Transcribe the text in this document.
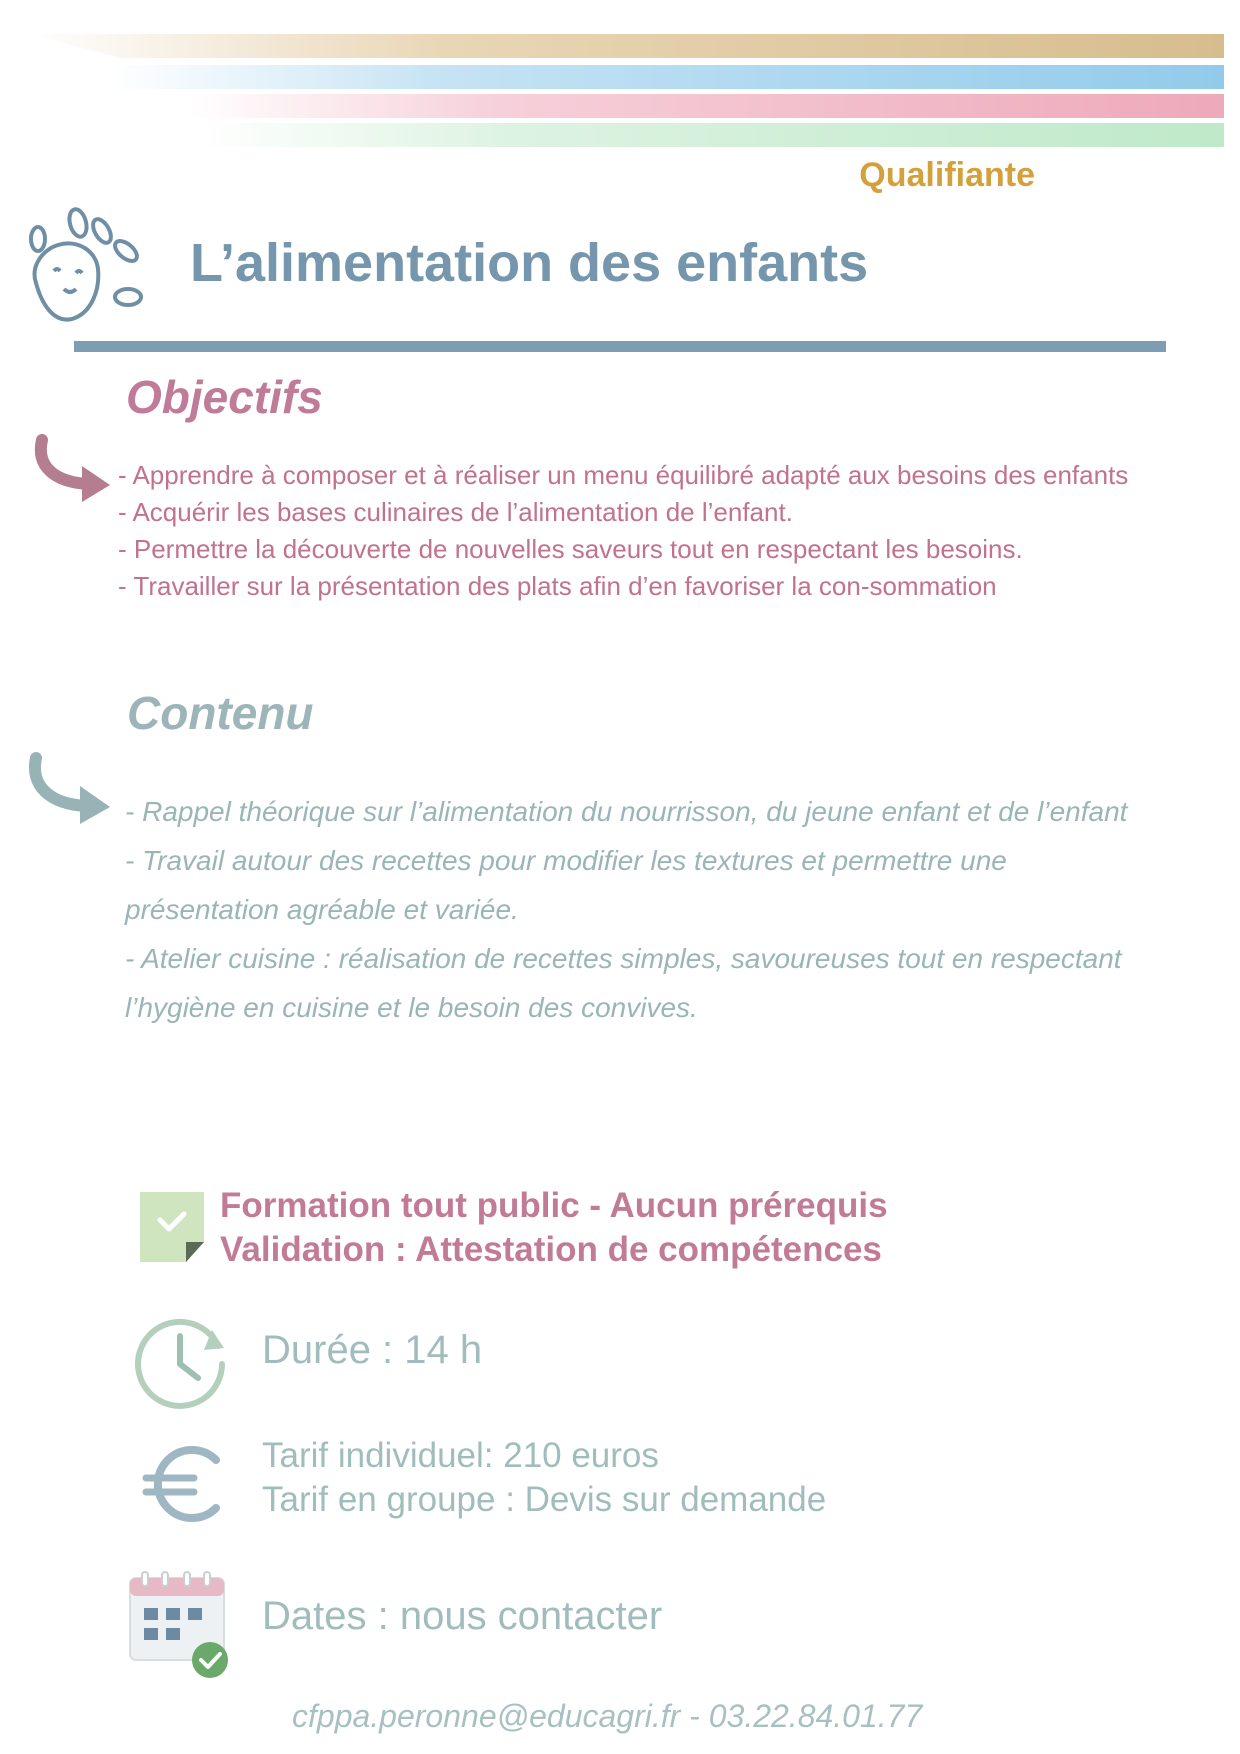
Qualifiante
L’alimentation des enfants
Objectifs

- Apprendre à composer et à réaliser un menu équilibré adapté aux besoins des enfants

- Acquérir les bases culinaires de l’alimentation de l’enfant.

- Permettre la découverte de nouvelles saveurs tout en respectant les besoins.

- Travailler sur la présentation des plats afin d’en favoriser la con-sommation

Contenu

- Rappel théorique sur l’alimentation du nourrisson, du jeune enfant et de l’enfant

- Travail autour des recettes pour modifier les textures et permettre une présentation agréable et variée.

- Atelier cuisine : réalisation de recettes simples, savoureuses tout en respectant l’hygiène en cuisine et le besoin des convives.

Formation tout public - Aucun prérequis
Validation : Attestation de compétences
Durée : 14 h
Tarif individuel: 210 euros
Tarif en groupe : Devis sur demande
Dates : nous contacter
cfppa.peronne@educagri.fr - 03.22.84.01.77
